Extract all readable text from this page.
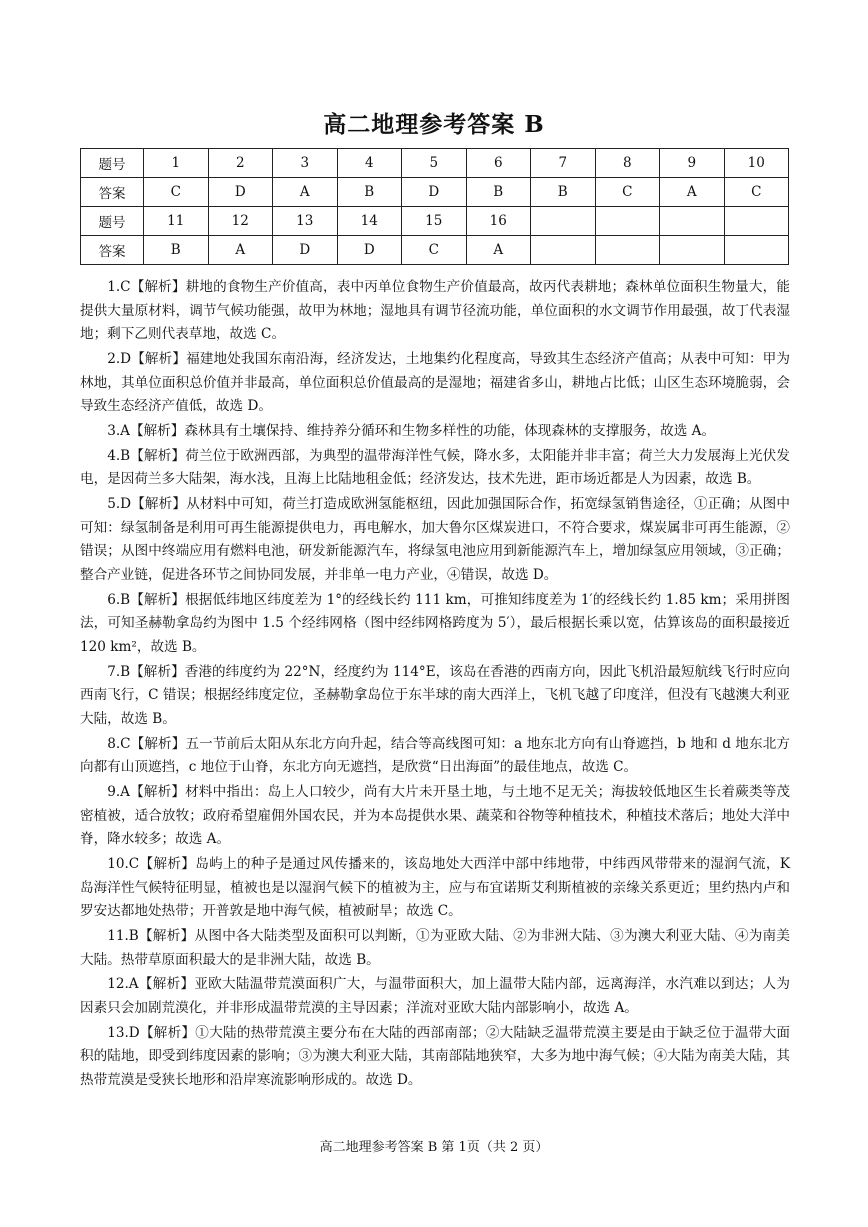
高二地理参考答案 B
题号	1	2	3	4	5	6	7	8	9	10
答案	C	D	A	B	D	B	B	C	A	C
题号	11	12	13	14	15	16				
答案	B	A	D	D	C	A				

1.C【解析】耕地的食物生产价值高，表中丙单位食物生产价值最高，故丙代表耕地；森林单位面积生物量大，能提供大量原材料，调节气候功能强，故甲为林地；湿地具有调节径流功能，单位面积的水文调节作用最强，故丁代表湿地；剩下乙则代表草地，故选 C。

2.D【解析】福建地处我国东南沿海，经济发达，土地集约化程度高，导致其生态经济产值高；从表中可知：甲为林地，其单位面积总价值并非最高，单位面积总价值最高的是湿地；福建省多山，耕地占比低；山区生态环境脆弱，会导致生态经济产值低，故选 D。

3.A【解析】森林具有土壤保持、维持养分循环和生物多样性的功能，体现森林的支撑服务，故选 A。

4.B【解析】荷兰位于欧洲西部，为典型的温带海洋性气候，降水多，太阳能并非丰富；荷兰大力发展海上光伏发电，是因荷兰多大陆架，海水浅，且海上比陆地租金低；经济发达，技术先进，距市场近都是人为因素，故选 B。

5.D【解析】从材料中可知，荷兰打造成欧洲氢能枢纽，因此加强国际合作，拓宽绿氢销售途径，①正确；从图中可知：绿氢制备是利用可再生能源提供电力，再电解水，加大鲁尔区煤炭进口，不符合要求，煤炭属非可再生能源，②错误；从图中终端应用有燃料电池，研发新能源汽车，将绿氢电池应用到新能源汽车上，增加绿氢应用领域，③正确；整合产业链，促进各环节之间协同发展，并非单一电力产业，④错误，故选 D。

6.B【解析】根据低纬地区纬度差为 1°的经线长约 111 km，可推知纬度差为 1′的经线长约 1.85 km；采用拼图法，可知圣赫勒拿岛约为图中 1.5 个经纬网格（图中经纬网格跨度为 5′），最后根据长乘以宽，估算该岛的面积最接近 120 km²，故选 B。

7.B【解析】香港的纬度约为 22°N，经度约为 114°E，该岛在香港的西南方向，因此飞机沿最短航线飞行时应向西南飞行，C 错误；根据经纬度定位，圣赫勒拿岛位于东半球的南大西洋上，飞机飞越了印度洋，但没有飞越澳大利亚大陆，故选 B。

8.C【解析】五一节前后太阳从东北方向升起，结合等高线图可知：a 地东北方向有山脊遮挡，b 地和 d 地东北方向都有山顶遮挡，c 地位于山脊，东北方向无遮挡，是欣赏“日出海面”的最佳地点，故选 C。

9.A【解析】材料中指出：岛上人口较少，尚有大片未开垦土地，与土地不足无关；海拔较低地区生长着蕨类等茂密植被，适合放牧；政府希望雇佣外国农民，并为本岛提供水果、蔬菜和谷物等种植技术，种植技术落后；地处大洋中脊，降水较多；故选 A。

10.C【解析】岛屿上的种子是通过风传播来的，该岛地处大西洋中部中纬地带，中纬西风带带来的湿润气流，K 岛海洋性气候特征明显，植被也是以湿润气候下的植被为主，应与布宜诺斯艾利斯植被的亲缘关系更近；里约热内卢和罗安达都地处热带；开普敦是地中海气候，植被耐旱；故选 C。

11.B【解析】从图中各大陆类型及面积可以判断，①为亚欧大陆、②为非洲大陆、③为澳大利亚大陆、④为南美大陆。热带草原面积最大的是非洲大陆，故选 B。

12.A【解析】亚欧大陆温带荒漠面积广大，与温带面积大，加上温带大陆内部，远离海洋，水汽难以到达；人为因素只会加剧荒漠化，并非形成温带荒漠的主导因素；洋流对亚欧大陆内部影响小，故选 A。

13.D【解析】①大陆的热带荒漠主要分布在大陆的西部南部；②大陆缺乏温带荒漠主要是由于缺乏位于温带大面积的陆地，即受到纬度因素的影响；③为澳大利亚大陆，其南部陆地狭窄，大多为地中海气候；④大陆为南美大陆，其热带荒漠是受狭长地形和沿岸寒流影响形成的。故选 D。

高二地理参考答案 B 第 1页（共 2 页）
